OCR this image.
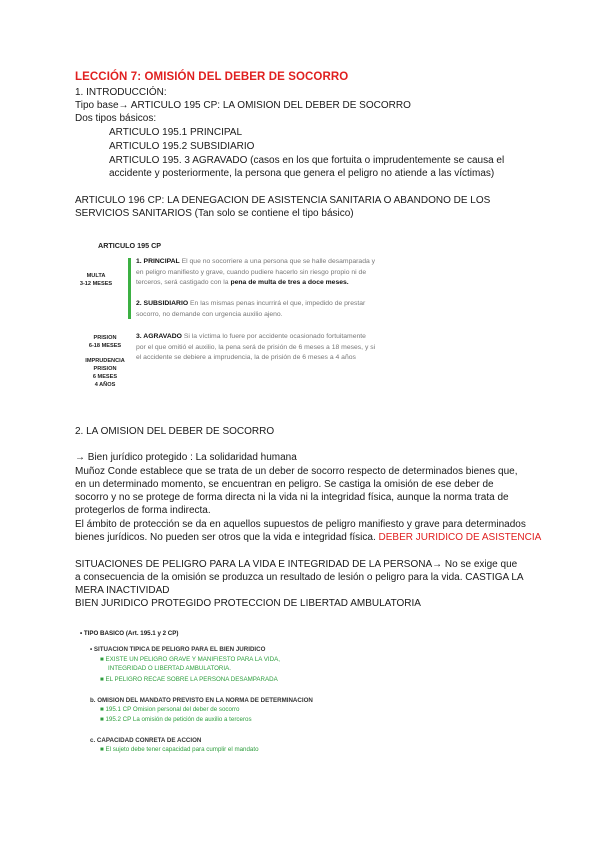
LECCIÓN 7: OMISIÓN DEL DEBER DE SOCORRO
1. INTRODUCCIÓN:
Tipo base→ ARTICULO 195 CP: LA OMISION DEL DEBER DE SOCORRO
Dos tipos básicos:
ARTICULO 195.1 PRINCIPAL
ARTICULO 195.2 SUBSIDIARIO
ARTICULO 195. 3 AGRAVADO (casos en los que fortuita o imprudentemente se causa el
accidente y posteriormente, la persona que genera el peligro no atiende a las víctimas)
ARTICULO 196 CP: LA DENEGACION DE ASISTENCIA SANITARIA O ABANDONO DE LOS
SERVICIOS SANITARIOS (Tan solo se contiene el tipo básico)
ARTICULO 195 CP
MULTA
3-12 MESES
PRISION
6-18 MESES
IMPRUDENCIA
PRISION
6 MESES
4 AÑOS
1. PRINCIPAL El que no socorriere a una persona que se halle desamparada y
en peligro manifiesto y grave, cuando pudiere hacerlo sin riesgo propio ni de
terceros, será castigado con la pena de multa de tres a doce meses.
2. SUBSIDIARIO En las mismas penas incurrirá el que, impedido de prestar
socorro, no demande con urgencia auxilio ajeno.
3. AGRAVADO Si la víctima lo fuere por accidente ocasionado fortuitamente
por el que omitió el auxilio, la pena será de prisión de 6 meses a 18 meses, y si
el accidente se debiere a imprudencia, la de prisión de 6 meses a 4 años
2. LA OMISION DEL DEBER DE SOCORRO
→ Bien jurídico protegido : La solidaridad humana
Muñoz Conde establece que se trata de un deber de socorro respecto de determinados bienes que,
en un determinado momento, se encuentran en peligro. Se castiga la omisión de ese deber de
socorro y no se protege de forma directa ni la vida ni la integridad física, aunque la norma trata de
protegerlos de forma indirecta.
El ámbito de protección se da en aquellos supuestos de peligro manifiesto y grave para determinados
bienes jurídicos. No pueden ser otros que la vida e integridad física. DEBER JURIDICO DE ASISTENCIA
SITUACIONES DE PELIGRO PARA LA VIDA E INTEGRIDAD DE LA PERSONA→ No se exige que
a consecuencia de la omisión se produzca un resultado de lesión o peligro para la vida. CASTIGA LA
MERA INACTIVIDAD
BIEN JURIDICO PROTEGIDO PROTECCION DE LIBERTAD AMBULATORIA
• TIPO BASICO (Art. 195.1 y 2 CP)
• SITUACION TIPICA DE PELIGRO PARA EL BIEN JURIDICO
■ EXISTE UN PELIGRO GRAVE Y MANIFIESTO PARA LA VIDA,
INTEGRIDAD O LIBERTAD AMBULATORIA.
■ EL PELIGRO RECAE SOBRE LA PERSONA DESAMPARADA
b. OMISION DEL MANDATO PREVISTO EN LA NORMA DE DETERMINACION
■ 195.1 CP Omision personal del deber de socorro
■ 195.2 CP La omisión de petición de auxilio a terceros
c. CAPACIDAD CONRETA DE ACCION
■ El sujeto debe tener capacidad para cumplir el mandato
